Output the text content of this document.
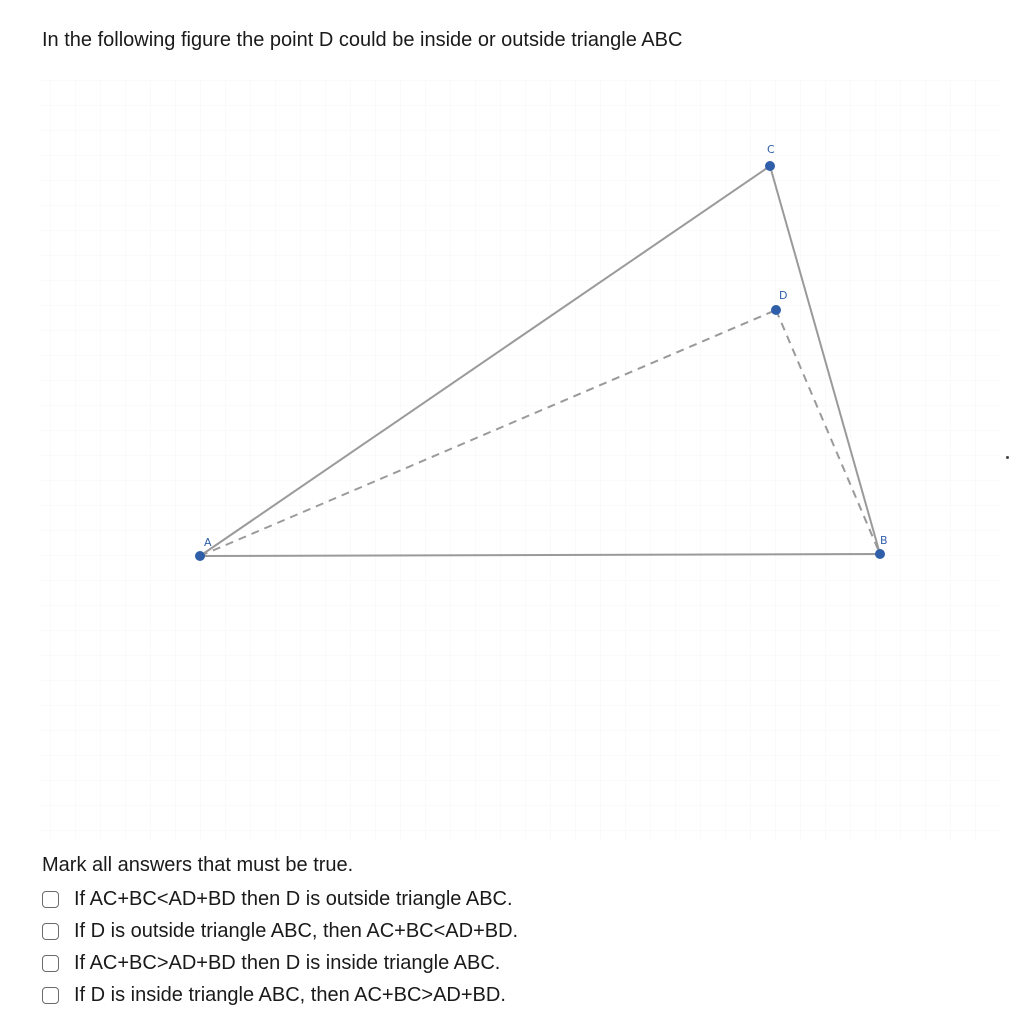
In the following figure the point D could be inside or outside triangle ABC

A	B
C
D

Mark all answers that must be true.

If AC+BC<AD+BD then D is outside triangle ABC.
If D is outside triangle ABC, then AC+BC<AD+BD.
If AC+BC>AD+BD then D is inside triangle ABC.
If D is inside triangle ABC, then AC+BC>AD+BD.
